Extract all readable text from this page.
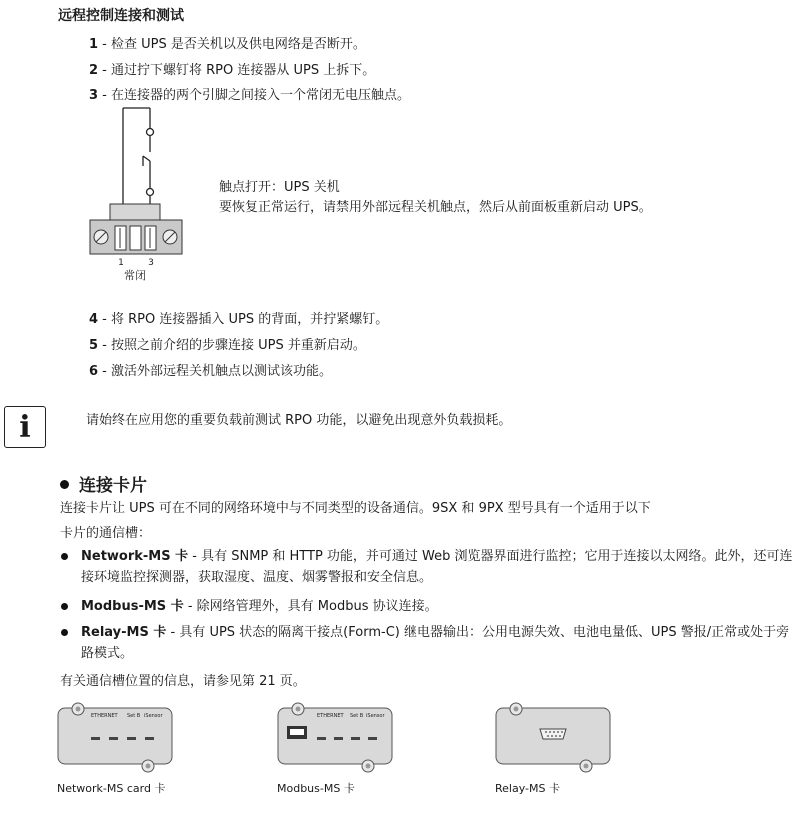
远程控制连接和测试
1 - 检查 UPS 是否关机以及供电网络是否断开。
2 - 通过拧下螺钉将 RPO 连接器从 UPS 上拆下。
3 - 在连接器的两个引脚之间接入一个常闭无电压触点。
1	3
常闭
触点打开：UPS 关机
要恢复正常运行，请禁用外部远程关机触点，然后从前面板重新启动 UPS。
4 - 将 RPO 连接器插入 UPS 的背面，并拧紧螺钉。
5 - 按照之前介绍的步骤连接 UPS 并重新启动。
6 - 激活外部远程关机触点以测试该功能。
i	请始终在应用您的重要负载前测试 RPO 功能，以避免出现意外负载损耗。
连接卡片
连接卡片让 UPS 可在不同的网络环境中与不同类型的设备通信。9SX 和 9PX 型号具有一个适用于以下
卡片的通信槽：
Network-MS 卡 - 具有 SNMP 和 HTTP 功能，并可通过 Web 浏览器界面进行监控；它用于连接以太网络。此外，还可连接环境监控探测器，获取湿度、温度、烟雾警报和安全信息。
Modbus-MS 卡 - 除网络管理外，具有 Modbus 协议连接。
Relay-MS 卡 - 具有 UPS 状态的隔离干接点(Form-C) 继电器输出：公用电源失效、电池电量低、UPS 警报/正常或处于旁路模式。
有关通信槽位置的信息，请参见第 21 页。
ETHERNET Set B iSensor
Network-MS card 卡
ETHERNET Set B iSensor
Modbus-MS 卡	Relay-MS 卡
